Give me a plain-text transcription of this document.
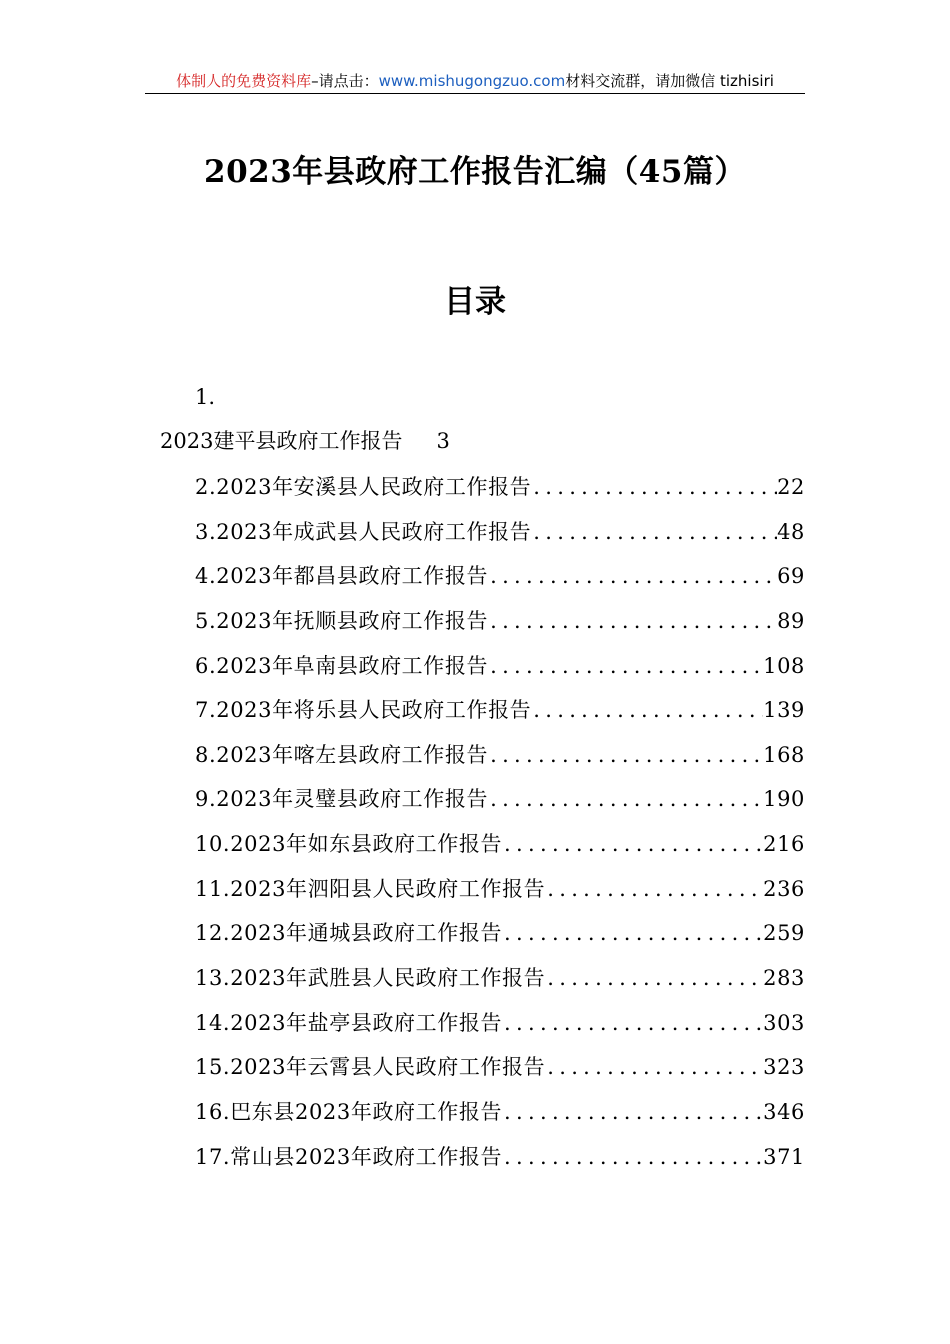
体制人的免费资料库–请点击：www.mishugongzuo.com材料交流群，请加微信 tizhisiri
2023年县政府工作报告汇编（45篇）
目录
1.
2023建平县政府工作报告 3
2.2023年安溪县人民政府工作报告 .....	22
3.2023年成武县人民政府工作报告 .....	48
4.2023年都昌县政府工作报告 .....	69
5.2023年抚顺县政府工作报告 .....	89
6.2023年阜南县政府工作报告 .....	108
7.2023年将乐县人民政府工作报告 .....	139
8.2023年喀左县政府工作报告 .....	168
9.2023年灵璧县政府工作报告 .....	190
10.2023年如东县政府工作报告 .....	216
11.2023年泗阳县人民政府工作报告 .....	236
12.2023年通城县政府工作报告 .....	259
13.2023年武胜县人民政府工作报告 .....	283
14.2023年盐亭县政府工作报告 .....	303
15.2023年云霄县人民政府工作报告 .....	323
16.巴东县2023年政府工作报告 .....	346
17.常山县2023年政府工作报告 .....	371
